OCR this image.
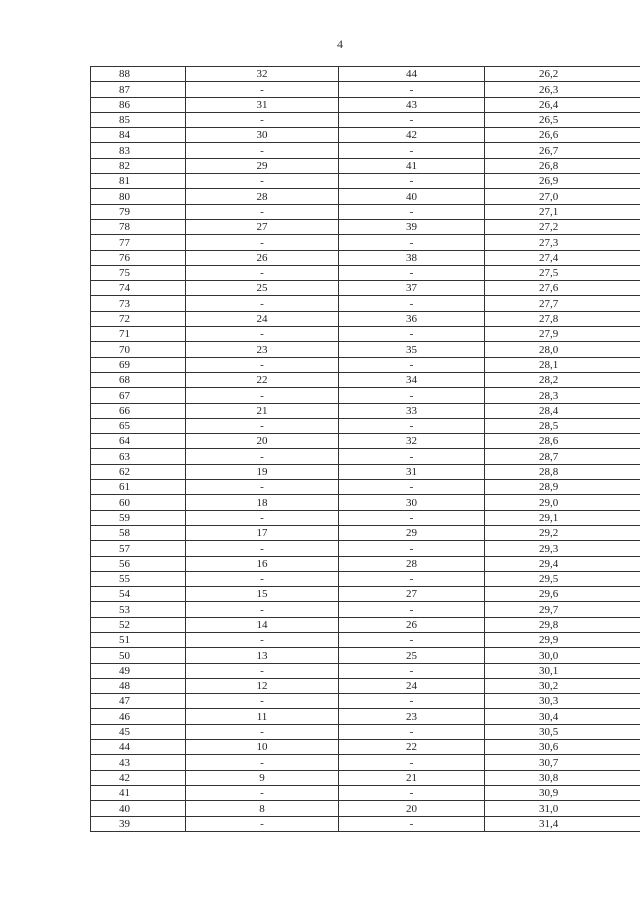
4
88	32	44	26,2
87	-	-	26,3
86	31	43	26,4
85	-	-	26,5
84	30	42	26,6
83	-	-	26,7
82	29	41	26,8
81	-	-	26,9
80	28	40	27,0
79	-	-	27,1
78	27	39	27,2
77	-	-	27,3
76	26	38	27,4
75	-	-	27,5
74	25	37	27,6
73	-	-	27,7
72	24	36	27,8
71	-	-	27,9
70	23	35	28,0
69	-	-	28,1
68	22	34	28,2
67	-	-	28,3
66	21	33	28,4
65	-	-	28,5
64	20	32	28,6
63	-	-	28,7
62	19	31	28,8
61	-	-	28,9
60	18	30	29,0
59	-	-	29,1
58	17	29	29,2
57	-	-	29,3
56	16	28	29,4
55	-	-	29,5
54	15	27	29,6
53	-	-	29,7
52	14	26	29,8
51	-	-	29,9
50	13	25	30,0
49	-	-	30,1
48	12	24	30,2
47	-	-	30,3
46	11	23	30,4
45	-	-	30,5
44	10	22	30,6
43	-	-	30,7
42	9	21	30,8
41	-	-	30,9
40	8	20	31,0
39	-	-	31,4
